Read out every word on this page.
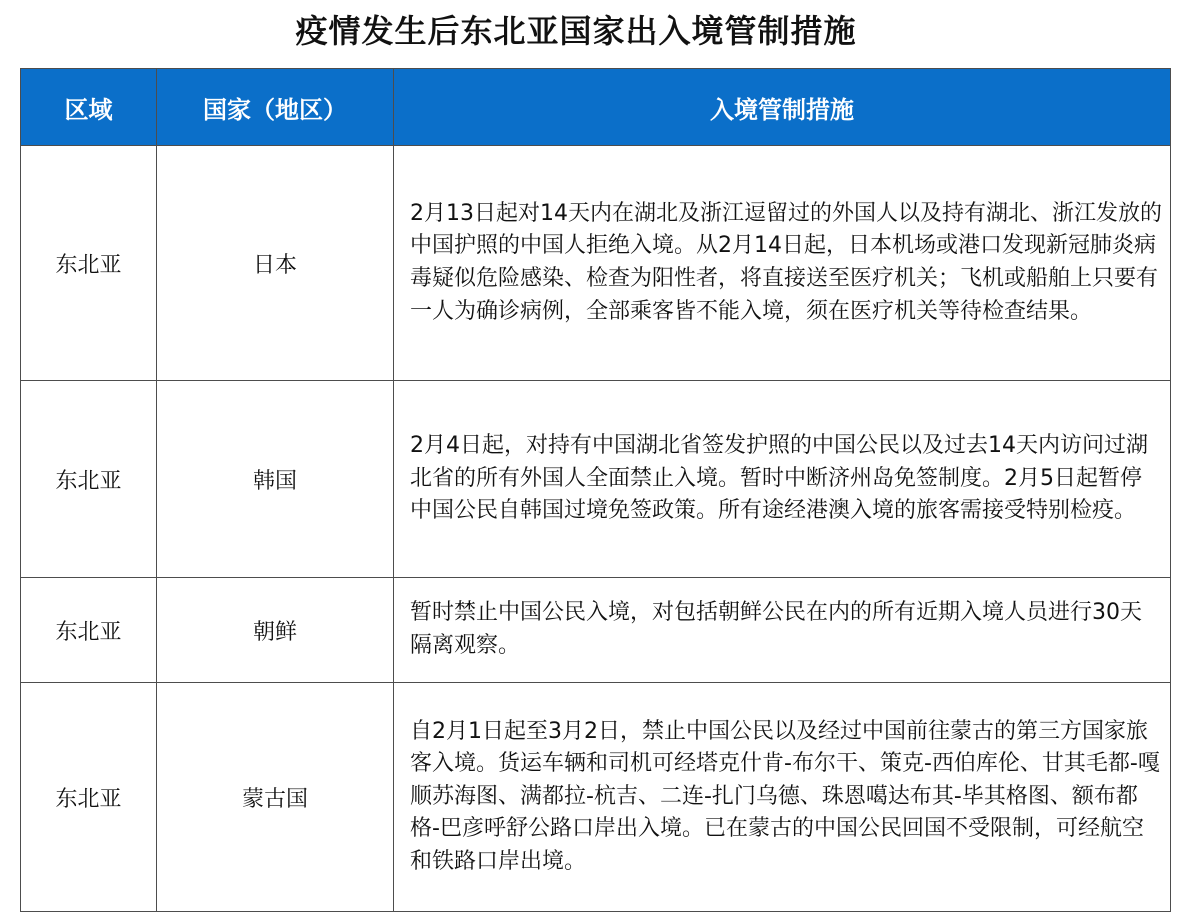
疫情发生后东北亚国家出入境管制措施
区域	国家（地区）	入境管制措施
东北亚	日本	2月13日起对14天内在湖北及浙江逗留过的外国人以及持有湖北、浙江发放的中国护照的中国人拒绝入境。从2月14日起，日本机场或港口发现新冠肺炎病毒疑似危险感染、检查为阳性者，将直接送至医疗机关；飞机或船舶上只要有一人为确诊病例，全部乘客皆不能入境，须在医疗机关等待检查结果。
东北亚	韩国	2月4日起，对持有中国湖北省签发护照的中国公民以及过去14天内访问过湖北省的所有外国人全面禁止入境。暂时中断济州岛免签制度。2月5日起暂停中国公民自韩国过境免签政策。所有途经港澳入境的旅客需接受特别检疫。
东北亚	朝鲜	暂时禁止中国公民入境，对包括朝鲜公民在内的所有近期入境人员进行30天隔离观察。
东北亚	蒙古国	自2月1日起至3月2日，禁止中国公民以及经过中国前往蒙古的第三方国家旅客入境。货运车辆和司机可经塔克什肯-布尔干、策克-西伯库伦、甘其毛都-嘎顺苏海图、满都拉-杭吉、二连-扎门乌德、珠恩噶达布其-毕其格图、额布都格-巴彦呼舒公路口岸出入境。已在蒙古的中国公民回国不受限制，可经航空和铁路口岸出境。
